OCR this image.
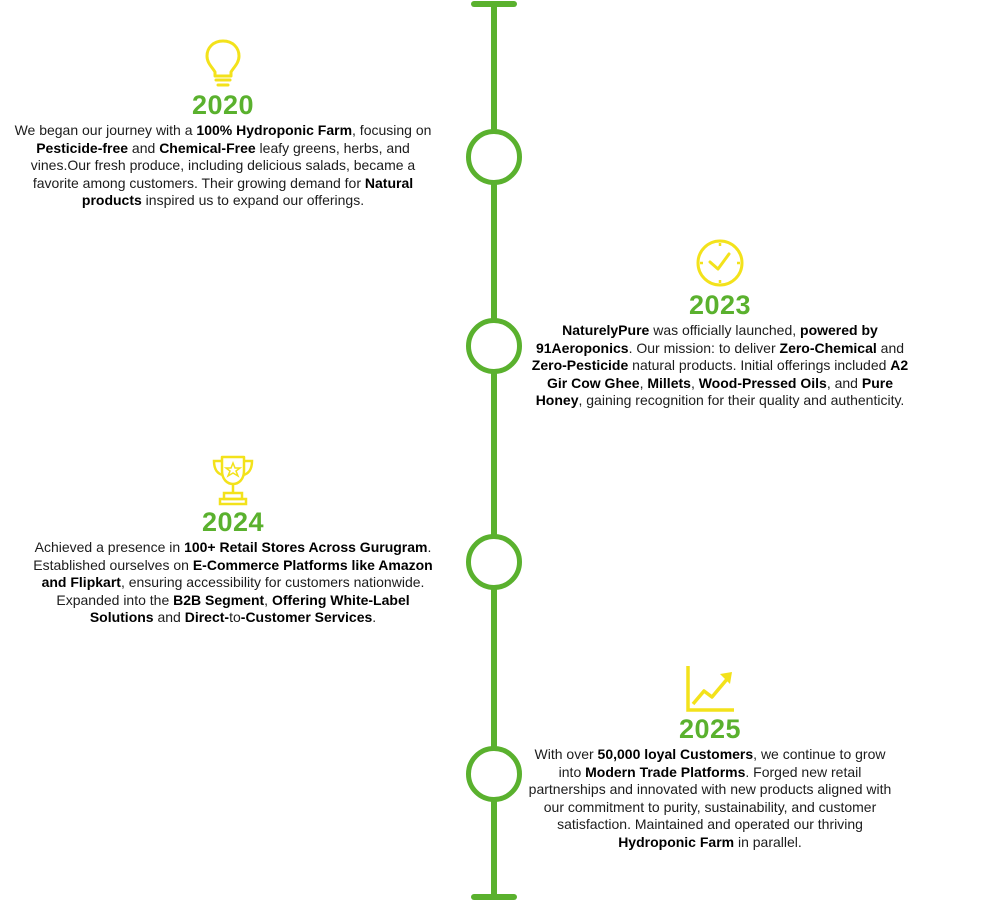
2020

We began our journey with a 100% Hydroponic Farm, focusing on Pesticide-free and Chemical-Free leafy greens, herbs, and vines.Our fresh produce, including delicious salads, became a favorite among customers. Their growing demand for Natural products inspired us to expand our offerings.

2023

NaturelyPure was officially launched, powered by 91Aeroponics. Our mission: to deliver Zero-Chemical and Zero-Pesticide natural products. Initial offerings included A2 Gir Cow Ghee, Millets, Wood-Pressed Oils, and Pure Honey, gaining recognition for their quality and authenticity.

2024

Achieved a presence in 100+ Retail Stores Across Gurugram. Established ourselves on E-Commerce Platforms like Amazon and Flipkart, ensuring accessibility for customers nationwide. Expanded into the B2B Segment, Offering White-Label Solutions and Direct-to-Customer Services.

2025

With over 50,000 loyal Customers, we continue to grow into Modern Trade Platforms. Forged new retail partnerships and innovated with new products aligned with our commitment to purity, sustainability, and customer satisfaction. Maintained and operated our thriving Hydroponic Farm in parallel.
